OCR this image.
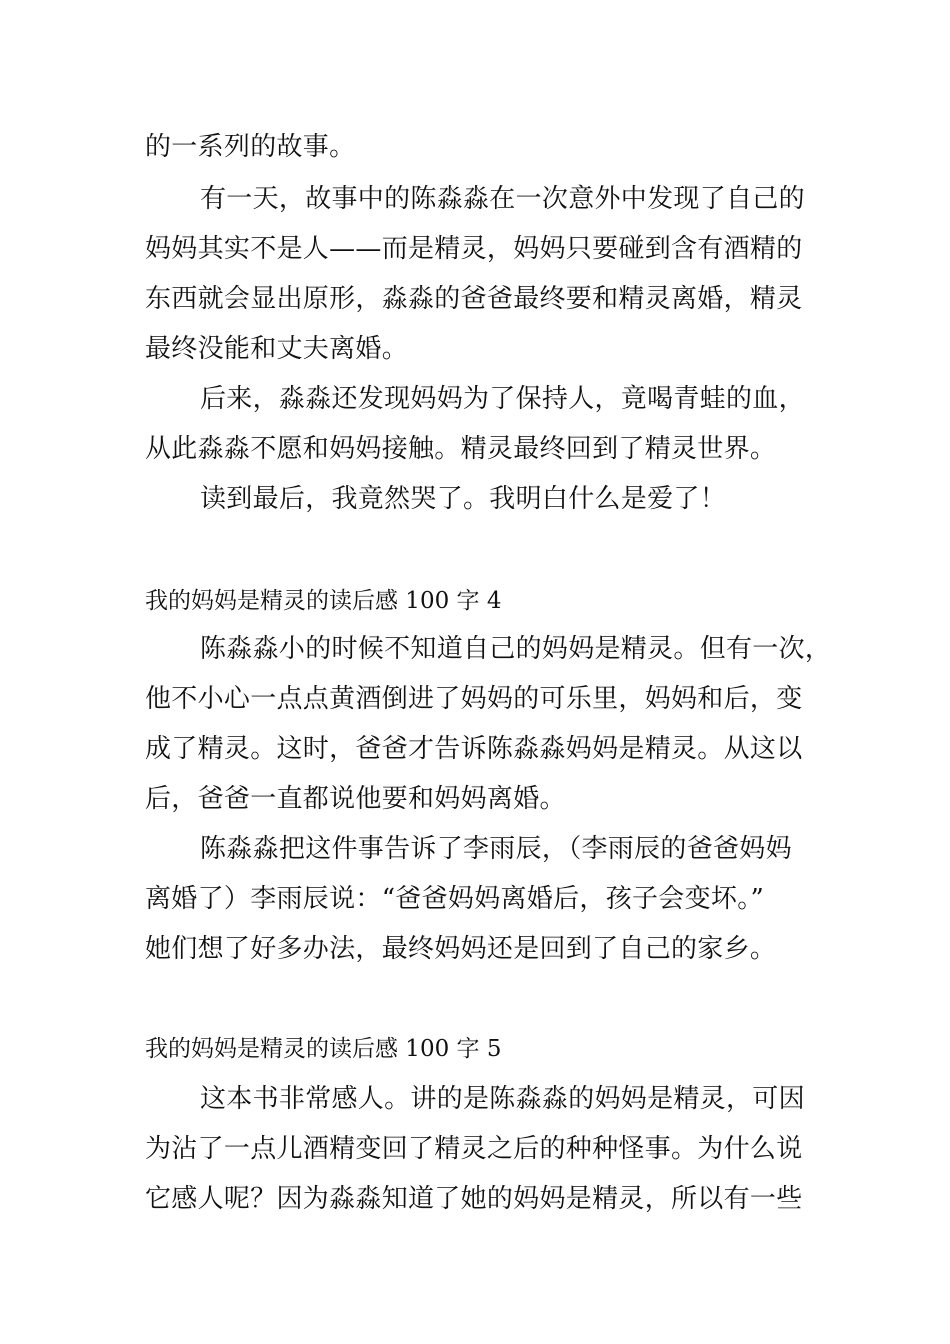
的一系列的故事。
有一天，故事中的陈淼淼在一次意外中发现了自己的
妈妈其实不是人——而是精灵，妈妈只要碰到含有酒精的
东西就会显出原形，淼淼的爸爸最终要和精灵离婚，精灵
最终没能和丈夫离婚。
后来，淼淼还发现妈妈为了保持人，竟喝青蛙的血，
从此淼淼不愿和妈妈接触。精灵最终回到了精灵世界。
读到最后，我竟然哭了。我明白什么是爱了！
我的妈妈是精灵的读后感 100 字 4
陈淼淼小的时候不知道自己的妈妈是精灵。但有一次，
他不小心一点点黄酒倒进了妈妈的可乐里，妈妈和后，变
成了精灵。这时，爸爸才告诉陈淼淼妈妈是精灵。从这以
后，爸爸一直都说他要和妈妈离婚。
陈淼淼把这件事告诉了李雨辰，（李雨辰的爸爸妈妈
离婚了）李雨辰说：“爸爸妈妈离婚后，孩子会变坏。”
她们想了好多办法，最终妈妈还是回到了自己的家乡。
我的妈妈是精灵的读后感 100 字 5
这本书非常感人。讲的是陈淼淼的妈妈是精灵，可因
为沾了一点儿酒精变回了精灵之后的种种怪事。为什么说
它感人呢？因为淼淼知道了她的妈妈是精灵，所以有一些
